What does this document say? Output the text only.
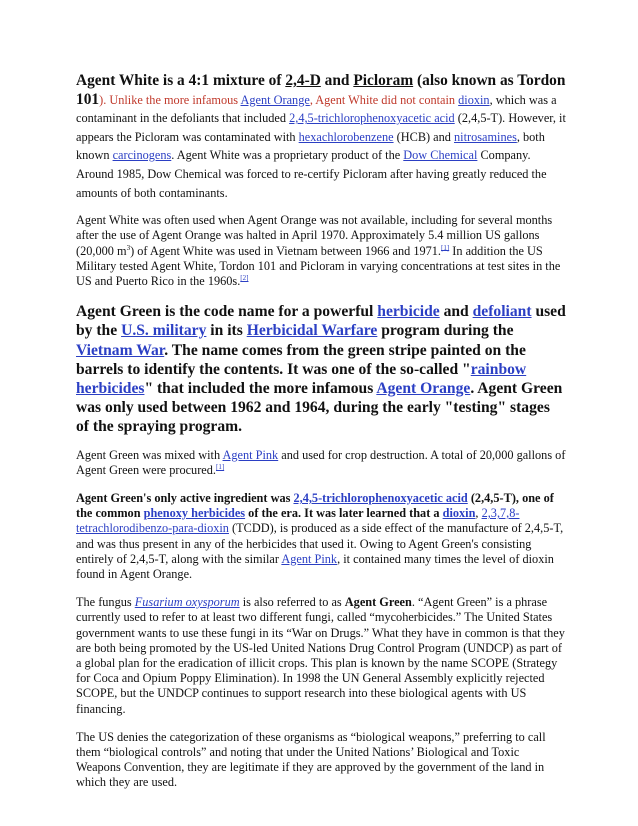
Agent White is a 4:1 mixture of 2,4-D and Picloram (also known as Tordon 101). Unlike the more infamous Agent Orange, Agent White did not contain dioxin, which was a contaminant in the defoliants that included 2,4,5-trichlorophenoxyacetic acid (2,4,5-T). However, it appears the Picloram was contaminated with hexachlorobenzene (HCB) and nitrosamines, both known carcinogens. Agent White was a proprietary product of the Dow Chemical Company. Around 1985, Dow Chemical was forced to re-certify Picloram after having greatly reduced the amounts of both contaminants.

Agent White was often used when Agent Orange was not available, including for several months after the use of Agent Orange was halted in April 1970. Approximately 5.4 million US gallons (20,000 $m^3$) of Agent White was used in Vietnam between 1966 and 1971.[1] In addition the US Military tested Agent White, Tordon 101 and Picloram in varying concentrations at test sites in the US and Puerto Rico in the 1960s.[2]

Agent Green is the code name for a powerful herbicide and defoliant used by the U.S. military in its Herbicidal Warfare program during the Vietnam War. The name comes from the green stripe painted on the barrels to identify the contents. It was one of the so-called "rainbow herbicides" that included the more infamous Agent Orange. Agent Green was only used between 1962 and 1964, during the early "testing" stages of the spraying program.

Agent Green was mixed with Agent Pink and used for crop destruction. A total of 20,000 gallons of Agent Green were procured.[1]

Agent Green's only active ingredient was 2,4,5-trichlorophenoxyacetic acid (2,4,5-T), one of the common phenoxy herbicides of the era. It was later learned that a dioxin, 2,3,7,8-tetrachlorodibenzo-para-dioxin (TCDD), is produced as a side effect of the manufacture of 2,4,5-T, and was thus present in any of the herbicides that used it. Owing to Agent Green's consisting entirely of 2,4,5-T, along with the similar Agent Pink, it contained many times the level of dioxin found in Agent Orange.

The fungus Fusarium oxysporum is also referred to as Agent Green. “Agent Green” is a phrase currently used to refer to at least two different fungi, called “mycoherbicides.” The United States government wants to use these fungi in its “War on Drugs.” What they have in common is that they are both being promoted by the US-led United Nations Drug Control Program (UNDCP) as part of a global plan for the eradication of illicit crops. This plan is known by the name SCOPE (Strategy for Coca and Opium Poppy Elimination). In 1998 the UN General Assembly explicitly rejected SCOPE, but the UNDCP continues to support research into these biological agents with US financing.

The US denies the categorization of these organisms as “biological weapons,” preferring to call them “biological controls” and noting that under the United Nations’ Biological and Toxic Weapons Convention, they are legitimate if they are approved by the government of the land in which they are used.
